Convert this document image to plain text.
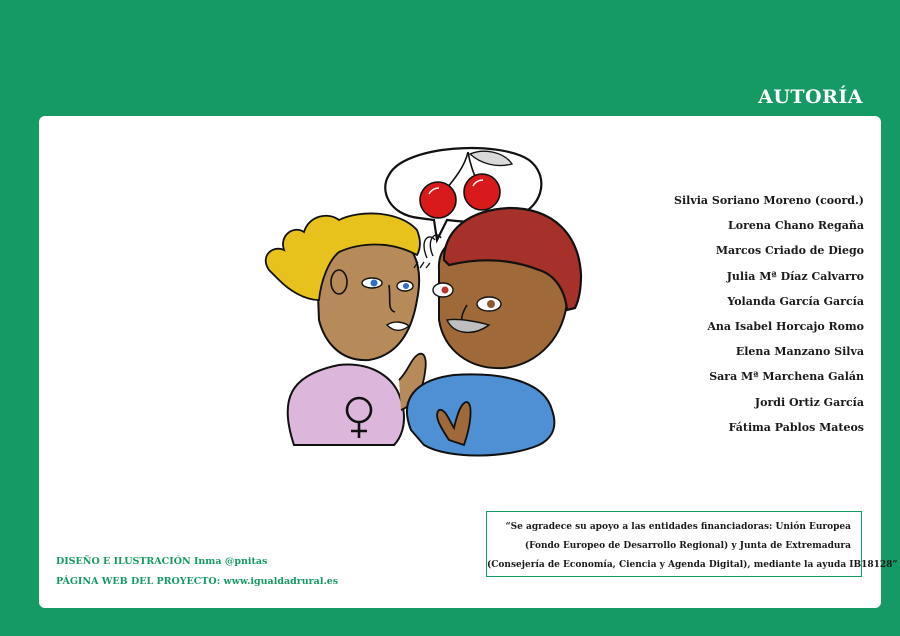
AUTORÍA
Silvia Soriano Moreno (coord.)
Lorena Chano Regaña
Marcos Criado de Diego
Julia Mª Díaz Calvarro
Yolanda García García
Ana Isabel Horcajo Romo
Elena Manzano Silva
Sara Mª Marchena Galán
Jordi Ortiz García
Fátima Pablos Mateos
DISEÑO E ILUSTRACIÓN Inma @pnitas
PÁGINA WEB DEL PROYECTO: www.igualdadrural.es
“Se agradece su apoyo a las entidades financiadoras: Unión Europea
(Fondo Europeo de Desarrollo Regional) y Junta de Extremadura
(Consejería de Economía, Ciencia y Agenda Digital), mediante la ayuda IB18128”
